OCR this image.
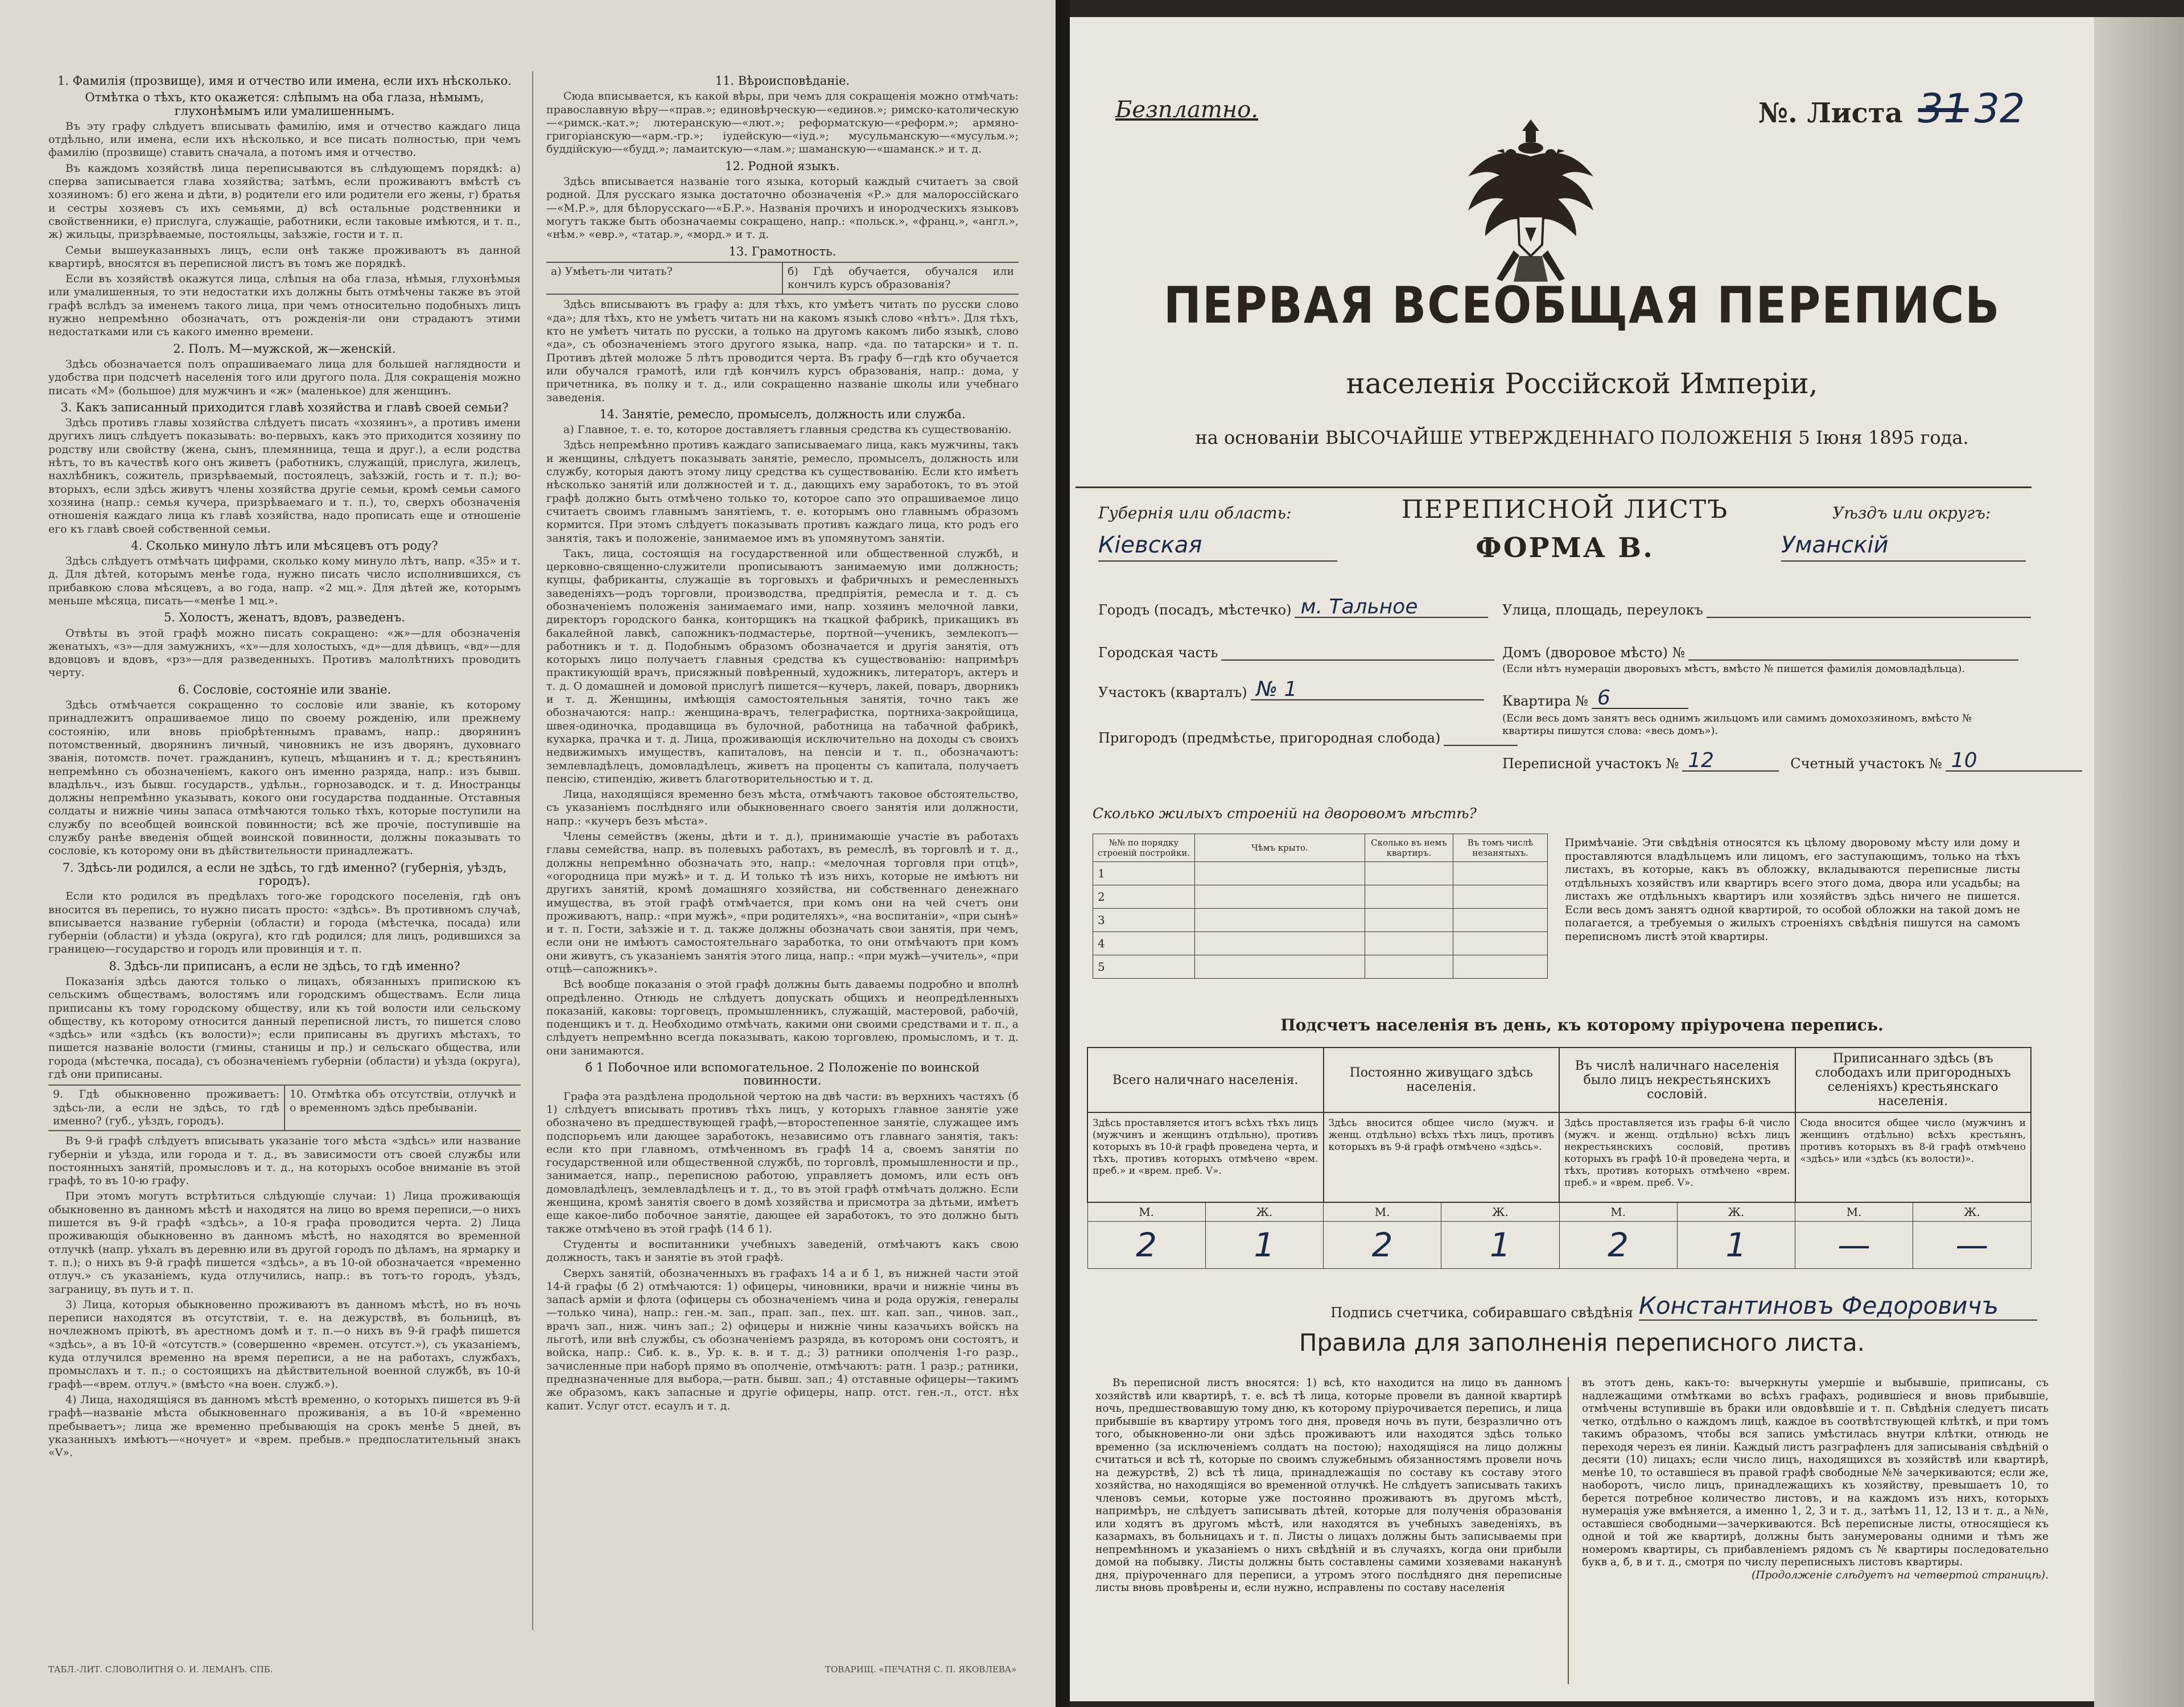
1. Фамилія (прозвище), имя и отчество или имена, если ихъ нѣсколько.
Отмѣтка о тѣхъ, кто окажется: слѣпымъ на оба глаза, нѣмымъ, глухонѣмымъ или умалишеннымъ.
Въ эту графу слѣдуетъ вписывать фамилію, имя и отчество каждаго лица отдѣльно, или имена, если ихъ нѣсколько, и все писать полностью, при чемъ фамилію (прозвище) ставить сначала, а потомъ имя и отчество.
Въ каждомъ хозяйствѣ лица переписываются въ слѣдующемъ порядкѣ: а) сперва записывается глава хозяйства; затѣмъ, если проживаютъ вмѣстѣ съ хозяиномъ: б) его жена и дѣти, в) родители его или родители его жены, г) братья и сестры хозяевъ съ ихъ семьями, д) всѣ остальные родственники и свойственники, е) прислуга, служащіе, работники, если таковые имѣются, и т. п., ж) жильцы, призрѣваемые, постояльцы, заѣзжіе, гости и т. п.
Семьи вышеуказанныхъ лицъ, если онѣ также проживаютъ въ данной квартирѣ, вносятся въ переписной листъ въ томъ же порядкѣ.
Если въ хозяйствѣ окажутся лица, слѣпыя на оба глаза, нѣмыя, глухонѣмыя или умалишенныя, то эти недостатки ихъ должны быть отмѣчены также въ этой графѣ вслѣдъ за именемъ такого лица, при чемъ относительно подобныхъ лицъ нужно непремѣнно обозначать, отъ рожденія-ли они страдаютъ этими недостатками или съ какого именно времени.
2. Полъ. М—мужской, ж—женскій.
Здѣсь обозначается полъ опрашиваемаго лица для большей наглядности и удобства при подсчетѣ населенія того или другого пола. Для сокращенія можно писать «М» (большое) для мужчинъ и «ж» (маленькое) для женщинъ.
3. Какъ записанный приходится главѣ хозяйства и главѣ своей семьи?
Здѣсь противъ главы хозяйства слѣдуетъ писать «хозяинъ», а противъ имени другихъ лицъ слѣдуетъ показывать: во-первыхъ, какъ это приходится хозяину по родству или свойству (жена, сынъ, племянница, теща и друг.), а если родства нѣтъ, то въ качествѣ кого онъ живетъ (работникъ, служащій, прислуга, жилецъ, нахлѣбникъ, сожитель, призрѣваемый, постоялецъ, заѣзжій, гость и т. п.); во-вторыхъ, если здѣсь живутъ члены хозяйства другіе семьи, кромѣ семьи самого хозяина (напр.: семья кучера, призрѣваемаго и т. п.), то, сверхъ обозначенія отношенія каждаго лица къ главѣ хозяйства, надо прописать еще и отношеніе его къ главѣ своей собственной семьи.
4. Сколько минуло лѣтъ или мѣсяцевъ отъ роду?
Здѣсь слѣдуетъ отмѣчать цифрами, сколько кому минуло лѣтъ, напр. «35» и т. д. Для дѣтей, которымъ менѣе года, нужно писать число исполнившихся, съ прибавкою слова мѣсяцевъ, а во года, напр. «2 мц.». Для дѣтей же, которымъ меньше мѣсяца, писать—«менѣе 1 мц.».
5. Холостъ, женатъ, вдовъ, разведенъ.
Отвѣты въ этой графѣ можно писать сокращено: «ж»—для обозначенія женатыхъ, «з»—для замужнихъ, «х»—для холостыхъ, «д»—для дѣвицъ, «вд»—для вдовцовъ и вдовъ, «рз»—для разведенныхъ. Противъ малолѣтнихъ проводить черту.
6. Сословіе, состояніе или званіе.
Здѣсь отмѣчается сокращенно то сословіе или званіе, къ которому принадлежитъ опрашиваемое лицо по своему рожденію, или прежнему состоянію, или вновь пріобрѣтеннымъ правамъ, напр.: дворянинъ потомственный, дворянинъ личный, чиновникъ не изъ дворянъ, духовнаго званія, потомств. почет. гражданинъ, купецъ, мѣщанинъ и т. д.; крестьянинъ непремѣнно съ обозначеніемъ, какого онъ именно разряда, напр.: изъ бывш. владѣльч., изъ бывш. государств., удѣльн., горнозаводск. и т. д. Иностранцы должны непремѣнно указывать, кокого они государства подданные. Отставныя солдаты и нижніе чины запаса отмѣчаются только тѣхъ, которые поступили на службу по всеобщей воинской повинности; всѣ же прочіе, поступившіе на службу ранѣе введенія общей воинской повинности, должны показывать то сословіе, къ которому они въ дѣйствительности принадлежатъ.
7. Здѣсь-ли родился, а если не здѣсь, то гдѣ именно? (губернія, уѣздъ, городъ).
Если кто родился въ предѣлахъ того-же городского поселенія, гдѣ онъ вносится въ перепись, то нужно писать просто: «здѣсь». Въ противномъ случаѣ, вписывается название губерніи (области) и города (мѣстечка, посада) или губерніи (области) и уѣзда (округа), кто гдѣ родился; для лицъ, родившихся за границею—государство и городъ или провинція и т. п.
8. Здѣсь-ли приписанъ, а если не здѣсь, то гдѣ именно?
Показанія здѣсь даются только о лицахъ, обязанныхъ припискою къ сельскимъ обществамъ, волостямъ или городскимъ обществамъ. Если лица приписаны къ тому городскому обществу, или къ той волости или сельскому обществу, къ которому относится данный переписной листъ, то пишется слово «здѣсь» или «здѣсь (къ волости)»; если приписаны въ другихъ мѣстахъ, то пишется названіе волости (гмины, станицы и пр.) и сельскаго общества, или города (мѣстечка, посада), съ обозначеніемъ губерніи (области) и уѣзда (округа), гдѣ они приписаны.
9. Гдѣ обыкновенно проживаетъ: здѣсь-ли, а если не здѣсь, то гдѣ именно? (губ., уѣздъ, городъ).
10. Отмѣтка объ отсутствіи, отлучкѣ и о временномъ здѣсь пребываніи.
Въ 9-й графѣ слѣдуетъ вписывать указаніе того мѣста «здѣсь» или название губерніи и уѣзда, или города и т. д., въ зависимости отъ своей службы или постоянныхъ занятій, промысловъ и т. д., на которыхъ особое вниманіе въ этой графѣ, то въ 10-ю графу.
При этомъ могутъ встрѣтиться слѣдующіе случаи: 1) Лица проживающія обыкновенно въ данномъ мѣстѣ и находятся на лицо во время переписи,—о нихъ пишется въ 9-й графѣ «здѣсь», а 10-я графа проводится черта. 2) Лица проживающія обыкновенно въ данномъ мѣстѣ, но находятся во временной отлучкѣ (напр. уѣхалъ въ деревню или въ другой городъ по дѣламъ, на ярмарку и т. п.); о нихъ въ 9-й графѣ пишется «здѣсь», а въ 10-ой обозначается «временно отлуч.» съ указаніемъ, куда отлучились, напр.: въ тотъ-то городъ, уѣздъ, заграницу, въ путь и т. п.
3) Лица, которыя обыкновенно проживаютъ въ данномъ мѣстѣ, но въ ночь переписи находятся въ отсутствіи, т. е. на дежурствѣ, въ больницѣ, въ ночлежномъ пріютѣ, въ арестномъ домѣ и т. п.—о нихъ въ 9-й графѣ пишется «здѣсь», а въ 10-й «отсутств.» (совершенно «времен. отсутст.»), съ указаніемъ, куда отлучился временно на время переписи, а не на работахъ, службахъ, промыслахъ и т. п.; о состоящихъ на дѣйствительной военной службѣ, въ 10-й графѣ—«врем. отлуч.» (вмѣсто «на воен. служб.»).
4) Лица, находящіяся въ данномъ мѣстѣ временно, о которыхъ пишется въ 9-й графѣ—названіе мѣста обыкновеннаго проживанія, а въ 10-й «временно пребываетъ»; лица же временно пребывающія на срокъ менѣе 5 дней, въ указанныхъ имѣютъ—«ночует» и «врем. пребыв.» предпослатительный знакъ «V».
11. Вѣроисповѣданіе.
Сюда вписывается, къ какой вѣры, при чемъ для сокращенія можно отмѣчать: православную вѣру—«прав.»; единовѣрческую—«единов.»; римско-католическую—«римск.-кат.»; лютеранскую—«лют.»; реформатскую—«реформ.»; армяно-григоріанскую—«арм.-гр.»; іудейскую—«іуд.»; мусульманскую—«мусульм.»; буддійскую—«будд.»; ламаитскую—«лам.»; шаманскую—«шаманск.» и т. д.
12. Родной языкъ.
Здѣсь вписывается названіе того языка, который каждый считаетъ за свой родной. Для русскаго языка достаточно обозначенія «Р.» для малороссійскаго—«М.Р.», для бѣлорусскаго—«Б.Р.». Названія прочихъ и инородческихъ языковъ могутъ также быть обозначаемы сокращено, напр.: «польск.», «франц.», «англ.», «нѣм.» «евр.», «татар.», «морд.» и т. д.
13. Грамотность.
а) Умѣетъ-ли читать?	б) Гдѣ обучается, обучался или кончилъ курсъ образованія?
Здѣсь вписываютъ въ графу а: для тѣхъ, кто умѣетъ читать по русски слово «да»; для тѣхъ, кто не умѣетъ читать ни на какомъ языкѣ слово «нѣтъ». Для тѣхъ, кто не умѣетъ читать по русски, а только на другомъ какомъ либо языкѣ, слово «да», съ обозначеніемъ этого другого языка, напр. «да. по татарски» и т. п. Противъ дѣтей моложе 5 лѣтъ проводится черта. Въ графу б—гдѣ кто обучается или обучался грамотѣ, или гдѣ кончилъ курсъ образованія, напр.: дома, у причетника, въ полку и т. д., или сокращенно названіе школы или учебнаго заведенія.
14. Занятіе, ремесло, промыселъ, должность или служба.
а) Главное, т. е. то, которое доставляетъ главныя средства къ существованію.
Здѣсь непремѣнно противъ каждаго записываемаго лица, какъ мужчины, такъ и женщины, слѣдуетъ показывать занятіе, ремесло, промыселъ, должность или службу, которыя даютъ этому лицу средства къ существованію. Если кто имѣетъ нѣсколько занятій или должностей и т. д., дающихъ ему заработокъ, то въ этой графѣ должно быть отмѣчено только то, которое сапо это опрашиваемое лицо считаетъ своимъ главнымъ занятіемъ, т. е. которымъ оно главнымъ образомъ кормится. При этомъ слѣдуетъ показывать противъ каждаго лица, кто родъ его занятія, такъ и положеніе, занимаемое имъ въ упомянутомъ занятіи.
Такъ, лица, состоящія на государственной или общественной службѣ, и церковно-священно-служители прописываютъ занимаемую ими должность; купцы, фабриканты, служащіе въ торговыхъ и фабричныхъ и ремесленныхъ заведеніяхъ—родъ торговли, производства, предпріятія, ремесла и т. д. съ обозначеніемъ положенія занимаемаго ими, напр. хозяинъ мелочной лавки, директоръ городского банка, конторщикъ на ткацкой фабрикѣ, прикащикъ въ бакалейной лавкѣ, сапожникъ-подмастерье, портной—ученикъ, землекопъ—работникъ и т. д. Подобнымъ образомъ обозначается и другія занятія, отъ которыхъ лицо получаетъ главныя средства къ существованію: напримѣръ практикующій врачъ, присяжный повѣренный, художникъ, литераторъ, актеръ и т. д. О домашней и домовой прислугѣ пишется—кучеръ, лакей, поваръ, дворникъ и т. д. Женщины, имѣющія самостоятельныя занятія, точно такъ же обозначаются: напр.: женщина-врачъ, телеграфистка, портниха-закройщица, швея-одиночка, продавщица въ булочной, работница на табачной фабрикѣ, кухарка, прачка и т. д. Лица, проживающія исключительно на доходы съ своихъ недвижимыхъ имуществъ, капиталовъ, на пенсіи и т. п., обозначаютъ: землевладѣлецъ, домовладѣлецъ, живетъ на проценты съ капитала, получаетъ пенсію, стипендію, живетъ благотворительностью и т. д.
Лица, находящіяся временно безъ мѣста, отмѣчаютъ таковое обстоятельство, съ указаніемъ послѣдняго или обыкновеннаго своего занятія или должности, напр.: «кучеръ безъ мѣста».
Члены семействъ (жены, дѣти и т. д.), принимающіе участіе въ работахъ главы семейства, напр. въ полевыхъ работахъ, въ ремеслѣ, въ торговлѣ и т. д., должны непремѣнно обозначать это, напр.: «мелочная торговля при отцѣ», «огородница при мужѣ» и т. д. И только тѣ изъ нихъ, которые не имѣютъ ни другихъ занятій, кромѣ домашняго хозяйства, ни собственнаго денежнаго имущества, въ этой графѣ отмѣчается, при комъ они на чей счетъ они проживаютъ, напр.: «при мужѣ», «при родителяхъ», «на воспитаніи», «при сынѣ» и т. п. Гости, заѣзжіе и т. д. также должны обозначать свои занятія, при чемъ, если они не имѣютъ самостоятельнаго заработка, то они отмѣчаютъ при комъ они живутъ, съ указаніемъ занятія этого лица, напр.: «при мужѣ—учитель», «при отцѣ—сапожникъ».
Всѣ вообще показанія о этой графѣ должны быть даваемы подробно и вполнѣ опредѣленно. Отнюдь не слѣдуетъ допускать общихъ и неопредѣленныхъ показаній, каковы: торговецъ, промышленникъ, служащій, мастеровой, рабочій, поденщикъ и т. д. Необходимо отмѣчать, какими они своими средствами и т. п., а слѣдуетъ непремѣнно всегда показывать, какою торговлею, промысломъ, и т. д. они занимаются.
б 1 Побочное или вспомогательное. 2 Положеніе по воинской повинности.
Графа эта раздѣлена продольной чертою на двѣ части: въ верхнихъ частяхъ (б 1) слѣдуетъ вписывать противъ тѣхъ лицъ, у которыхъ главное занятіе уже обозначено въ предшествующей графѣ,—второстепенное занятіе, служащее имъ подспорьемъ или дающее заработокъ, независимо отъ главнаго занятія, такъ: если кто при главномъ, отмѣченномъ въ графѣ 14 а, своемъ занятіи по государственной или общественной службѣ, по торговлѣ, промышленности и пр., занимается, напр., переписною работою, управляетъ домомъ, или есть онъ домовладѣлецъ, землевладѣлецъ и т. д., то въ этой графѣ отмѣчать должно. Если женщина, кромѣ занятія своего в домѣ хозяйства и присмотра за дѣтьми, имѣетъ еще какое-либо побочное занятіе, дающее ей заработокъ, то это должно быть также отмѣчено въ этой графѣ (14 б 1).
Студенты и воспитанники учебныхъ заведеній, отмѣчаютъ какъ свою должность, такъ и занятіе въ этой графѣ.
Сверхъ занятій, обозначенныхъ въ графахъ 14 а и б 1, въ нижней части этой 14-й графы (б 2) отмѣчаются: 1) офицеры, чиновники, врачи и нижніе чины въ запасѣ арміи и флота (офицеры съ обозначеніемъ чина и рода оружія, генералы—только чина), напр.: ген.-м. зап., прап. зап., пех. шт. кап. зап., чинов. зап., врачъ зап., ниж. чинъ зап.; 2) офицеры и нижніе чины казачьихъ войскъ на льготѣ, или внѣ службы, съ обозначеніемъ разряда, въ которомъ они состоятъ, и войска, напр.: Сиб. к. в., Ур. к. в. и т. д.; 3) ратники ополченія 1-го разр., зачисленные при наборѣ прямо въ ополченіе, отмѣчаютъ: ратн. 1 разр.; ратники, предназначенные для выбора,—ратн. бывш. зап.; 4) отставные офицеры—такимъ же образомъ, какъ запасные и другіе офицеры, напр. отст. ген.-л., отст. нѣх капит. Услуг отст. есаулъ и т. д.
ТАБЛ.-ЛИТ. СЛОВОЛИТНЯ О. И. ЛЕМАНЪ. СПБ.	ТОВАРИЩ. «ПЕЧАТНЯ С. П. ЯКОВЛЕВА»
Безплатно.	№. Листа 31 32
ПЕРВАЯ ВСЕОБЩАЯ ПЕРЕПИСЬ
населенія Россійской Имперіи,
на основаніи ВЫСОЧАЙШЕ УТВЕРЖДЕННАГО ПОЛОЖЕНІЯ 5 Іюня 1895 года.
Губернія или область:
Кіевская
ПЕРЕПИСНОЙ ЛИСТЪ
ФОРМА В.
Уѣздъ или округъ:
Уманскій
Городъ (посадъ, мѣстечко) м. Тальное	Улица, площадь, переулокъ
Городская часть	Домъ (дворовое мѣсто) №
(Если нѣтъ нумераціи дворовыхъ мѣстъ, вмѣсто № пишется фамилія домовладѣльца).
Участокъ (кварталъ) № 1	Квартира № 6
(Если весь домъ занятъ весь однимъ жильцомъ или самимъ домохозяиномъ, вмѣсто № квартиры пишутся слова: «весь домъ»).
Пригородъ (предмѣстье, пригородная слобода)
Переписной участокъ № 12	Счетный участокъ № 10
Сколько жилыхъ строеній на дворовомъ мѣстѣ?
№№ по порядку строеній постройки.	Чѣмъ крыто.	Сколько въ немъ квартиръ.	Въ томъ числѣ незанятыхъ.
1			
2			
3			
4			
5			
Примѣчаніе. Эти свѣдѣнія относятся къ цѣлому дворовому мѣсту или дому и проставляются владѣльцемъ или лицомъ, его заступающимъ, только на тѣхъ листахъ, въ которые, какъ въ обложку, вкладываются переписные листы отдѣльныхъ хозяйствъ или квартиръ всего этого дома, двора или усадьбы; на листахъ же отдѣльныхъ квартиръ или хозяйствъ здѣсь ничего не пишется. Если весь домъ занятъ одной квартирой, то особой обложки на такой домъ не полагается, а требуемыя о жилыхъ строеніяхъ свѣдѣнія пишутся на самомъ переписномъ листѣ этой квартиры.
Подсчетъ населенія въ день, къ которому пріурочена перепись.
Всего наличнаго населенія.		Постоянно живущаго здѣсь населенія.		Въ числѣ наличнаго населенія было лицъ некрестьянскихъ сословій.		Приписаннаго здѣсь (въ слободахъ или пригородныхъ селеніяхъ) крестьянскаго населенія.	
Здѣсь проставляется итогъ всѣхъ тѣхъ лицъ (мужчинъ и женщинъ отдѣльно), противъ которыхъ въ 10-й графѣ проведена черта, и тѣхъ, противъ которыхъ отмѣчено «врем. преб.» и «врем. преб. V».		Здѣсь вносится общее число (мужч. и женщ. отдѣльно) всѣхъ тѣхъ лицъ, противъ которыхъ въ 9-й графѣ отмѣчено «здѣсь».		Здѣсь проставляется изъ графы 6-й число (мужч. и женщ. отдѣльно) всѣхъ лицъ некрестьянскихъ сословій, противъ которыхъ въ графѣ 10-й проведена черта, и тѣхъ, противъ которыхъ отмѣчено «врем. преб.» и «врем. преб. V».		Сюда вносится общее число (мужчинъ и женщинъ отдѣльно) всѣхъ крестьянъ, противъ которыхъ въ 8-й графѣ отмѣчено «здѣсь» или «здѣсь (къ волости)».	
М.	Ж.	М.	Ж.	М.	Ж.	М.	Ж.
2	1	2	1	2	1	—	—
Подпись счетчика, собиравшаго свѣдѣнія Константиновъ Федоровичъ
Правила для заполненія переписного листа.
Въ переписной листъ вносятся: 1) всѣ, кто находится на лицо въ данномъ хозяйствѣ или квартирѣ, т. е. всѣ тѣ лица, которые провели въ данной квартирѣ ночь, предшествовавшую тому дню, къ которому пріурочивается перепись, и лица прибывшіе въ квартиру утромъ того дня, проведя ночь въ пути, безразлично отъ того, обыкновенно-ли они здѣсь проживаютъ или находятся здѣсь только временно (за исключеніемъ солдатъ на постою); находящіяся на лицо должны считаться и всѣ тѣ, которые по своимъ служебнымъ обязанностямъ провели ночь на дежурствѣ, 2) всѣ тѣ лица, принадлежащія по составу къ составу этого хозяйства, но находящіяся во временной отлучкѣ. Не слѣдуетъ записывать такихъ членовъ семьи, которые уже постоянно проживаютъ въ другомъ мѣстѣ, напримѣръ, не слѣдуетъ записывать дѣтей, которые для полученія образованія или ходятъ въ другомъ мѣстѣ, или находятся въ учебныхъ заведеніяхъ, въ казармахъ, въ больницахъ и т. п. Листы о лицахъ должны быть записываемы при непремѣнномъ и указаніемъ о нихъ свѣдѣній и въ случаяхъ, когда они прибыли домой на побывку. Листы должны быть составлены самими хозяевами наканунѣ дня, пріуроченнаго для переписи, а утромъ этого послѣдняго дня переписные листы вновь провѣрены и, если нужно, исправлены по составу населенія
въ этотъ день, какъ-то: вычеркнуты умершіе и выбывшіе, приписаны, съ надлежащими отмѣтками во всѣхъ графахъ, родившіеся и вновь прибывшіе, отмѣчены вступившіе въ браки или овдовѣвшіе и т. п. Свѣдѣнія следуетъ писать четко, отдѣльно о каждомъ лицѣ, каждое въ соотвѣтствующей клѣткѣ, и при томъ такимъ образомъ, чтобы вся запись умѣстилась внутри клѣтки, отнюдь не переходя черезъ ея линіи. Каждый листъ разграфленъ для записыванія свѣдѣній о десяти (10) лицахъ; если число лицъ, находящихся въ хозяйствѣ или квартирѣ, менѣе 10, то оставшіеся въ правой графѣ свободные №№ зачеркиваются; если же, наоборотъ, число лицъ, принадлежащихъ къ хозяйству, превышаетъ 10, то берется потребное количество листовъ, и на каждомъ изъ нихъ, которыхъ нумерація уже вмѣняется, а именно 1, 2, 3 и т. д., затѣмъ 11, 12, 13 и т. д., а №№, оставшіеся свободными—зачеркиваются. Всѣ переписные листы, относящіеся къ одной и той же квартирѣ, должны быть занумерованы одними и тѣмъ же номеромъ квартиры, съ прибавленіемъ рядомъ съ № квартиры последовательно букв а, б, в и т. д., смотря по числу переписныхъ листовъ квартиры.
(Продолженіе слѣдуетъ на четвертой страницѣ).
